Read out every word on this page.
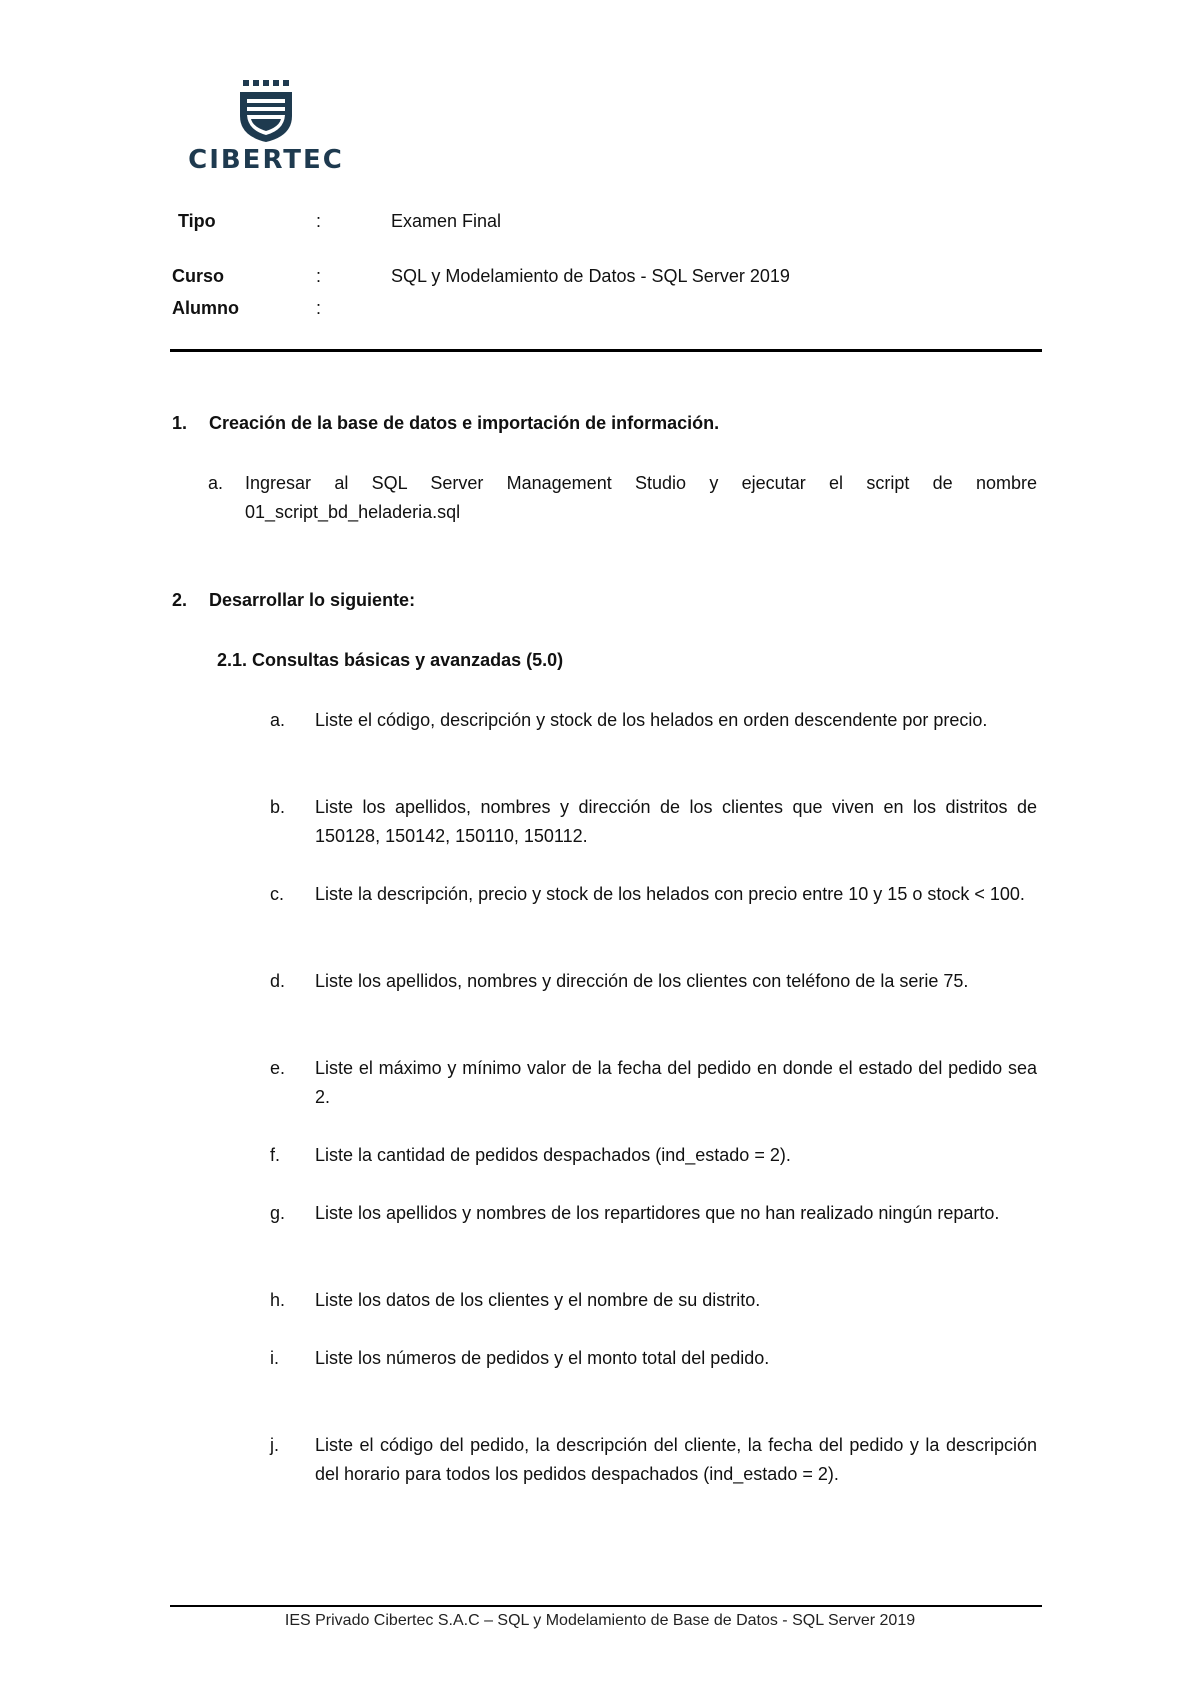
CIBERTEC
Tipo	:	Examen Final
Curso	:	SQL y Modelamiento de Datos - SQL Server 2019
Alumno	:
1. Creación de la base de datos e importación de información.
a. Ingresar al SQL Server Management Studio y ejecutar el script de nombre 01_script_bd_heladeria.sql
2. Desarrollar lo siguiente:
2.1. Consultas básicas y avanzadas (5.0)
a. Liste el código, descripción y stock de los helados en orden descendente por precio.
b. Liste los apellidos, nombres y dirección de los clientes que viven en los distritos de 150128, 150142, 150110, 150112.
c. Liste la descripción, precio y stock de los helados con precio entre 10 y 15 o stock < 100.
d. Liste los apellidos, nombres y dirección de los clientes con teléfono de la serie 75.
e. Liste el máximo y mínimo valor de la fecha del pedido en donde el estado del pedido sea 2.
f. Liste la cantidad de pedidos despachados (ind_estado = 2).
g. Liste los apellidos y nombres de los repartidores que no han realizado ningún reparto.
h. Liste los datos de los clientes y el nombre de su distrito.
i. Liste los números de pedidos y el monto total del pedido.
j. Liste el código del pedido, la descripción del cliente, la fecha del pedido y la descripción del horario para todos los pedidos despachados (ind_estado = 2).
IES Privado Cibertec S.A.C – SQL y Modelamiento de Base de Datos - SQL Server 2019
